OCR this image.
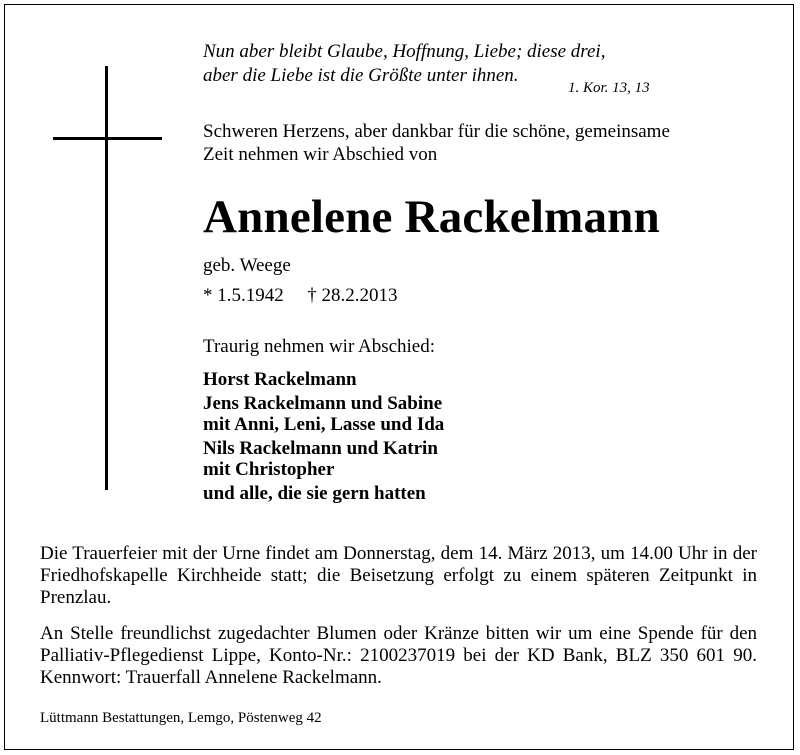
Nun aber bleibt Glaube, Hoffnung, Liebe; diese drei,
aber die Liebe ist die Größte unter ihnen.
1. Kor. 13, 13
Schweren Herzens, aber dankbar für die schöne, gemeinsame
Zeit nehmen wir Abschied von
Annelene Rackelmann
geb. Weege
* 1.5.1942 † 28.2.2013
Traurig nehmen wir Abschied:
Horst Rackelmann
Jens Rackelmann und Sabine
mit Anni, Leni, Lasse und Ida
Nils Rackelmann und Katrin
mit Christopher
und alle, die sie gern hatten
Die Trauerfeier mit der Urne findet am Donnerstag, dem 14. März 2013, um 14.00 Uhr in der Friedhofskapelle Kirchheide statt; die Beisetzung erfolgt zu einem späteren Zeitpunkt in Prenzlau.
An Stelle freundlichst zugedachter Blumen oder Kränze bitten wir um eine Spende für den Palliativ-Pflegedienst Lippe, Konto-Nr.: 2100237019 bei der KD Bank, BLZ 350 601 90. Kennwort: Trauerfall Annelene Rackelmann.
Lüttmann Bestattungen, Lemgo, Pöstenweg 42
